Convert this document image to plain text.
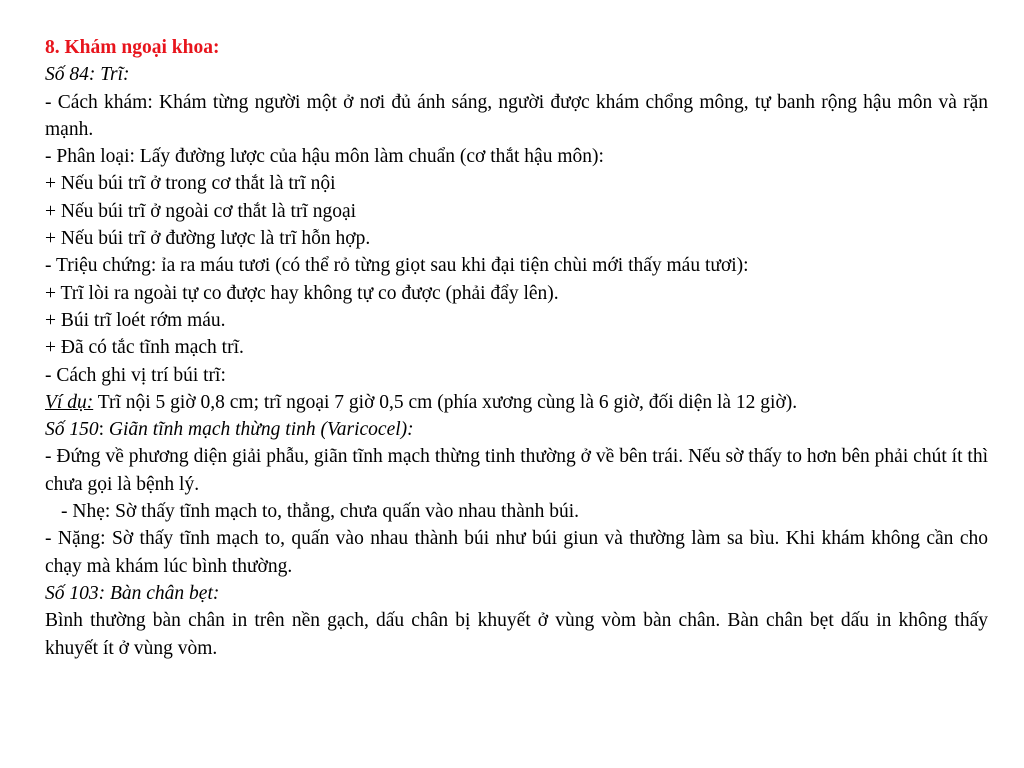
8. Khám ngoại khoa:

Số 84: Trĩ:

- Cách khám: Khám từng người một ở nơi đủ ánh sáng, người được khám chổng mông, tự banh rộng hậu môn và rặn mạnh.

- Phân loại: Lấy đường lược của hậu môn làm chuẩn (cơ thắt hậu môn):

+ Nếu búi trĩ ở trong cơ thắt là trĩ nội

+ Nếu búi trĩ ở ngoài cơ thắt là trĩ ngoại

+ Nếu búi trĩ ở đường lược là trĩ hỗn hợp.

- Triệu chứng: ỉa ra máu tươi (có thể rỏ từng giọt sau khi đại tiện chùi mới thấy máu tươi):

+ Trĩ lòi ra ngoài tự co được hay không tự co được (phải đẩy lên).

+ Búi trĩ loét rớm máu.

+ Đã có tắc tĩnh mạch trĩ.

- Cách ghi vị trí búi trĩ:

Ví dụ: Trĩ nội 5 giờ 0,8 cm; trĩ ngoại 7 giờ 0,5 cm (phía xương cùng là 6 giờ, đối diện là 12 giờ).

Số 150: Giãn tĩnh mạch thừng tinh (Varicocel):

- Đứng về phương diện giải phẫu, giãn tĩnh mạch thừng tinh thường ở về bên trái. Nếu sờ thấy to hơn bên phải chút ít thì chưa gọi là bệnh lý.

- Nhẹ: Sờ thấy tĩnh mạch to, thẳng, chưa quấn vào nhau thành búi.

- Nặng: Sờ thấy tĩnh mạch to, quấn vào nhau thành búi như búi giun và thường làm sa bìu. Khi khám không cần cho chạy mà khám lúc bình thường.

Số 103: Bàn chân bẹt:

Bình thường bàn chân in trên nền gạch, dấu chân bị khuyết ở vùng vòm bàn chân. Bàn chân bẹt dấu in không thấy khuyết ít ở vùng vòm.
